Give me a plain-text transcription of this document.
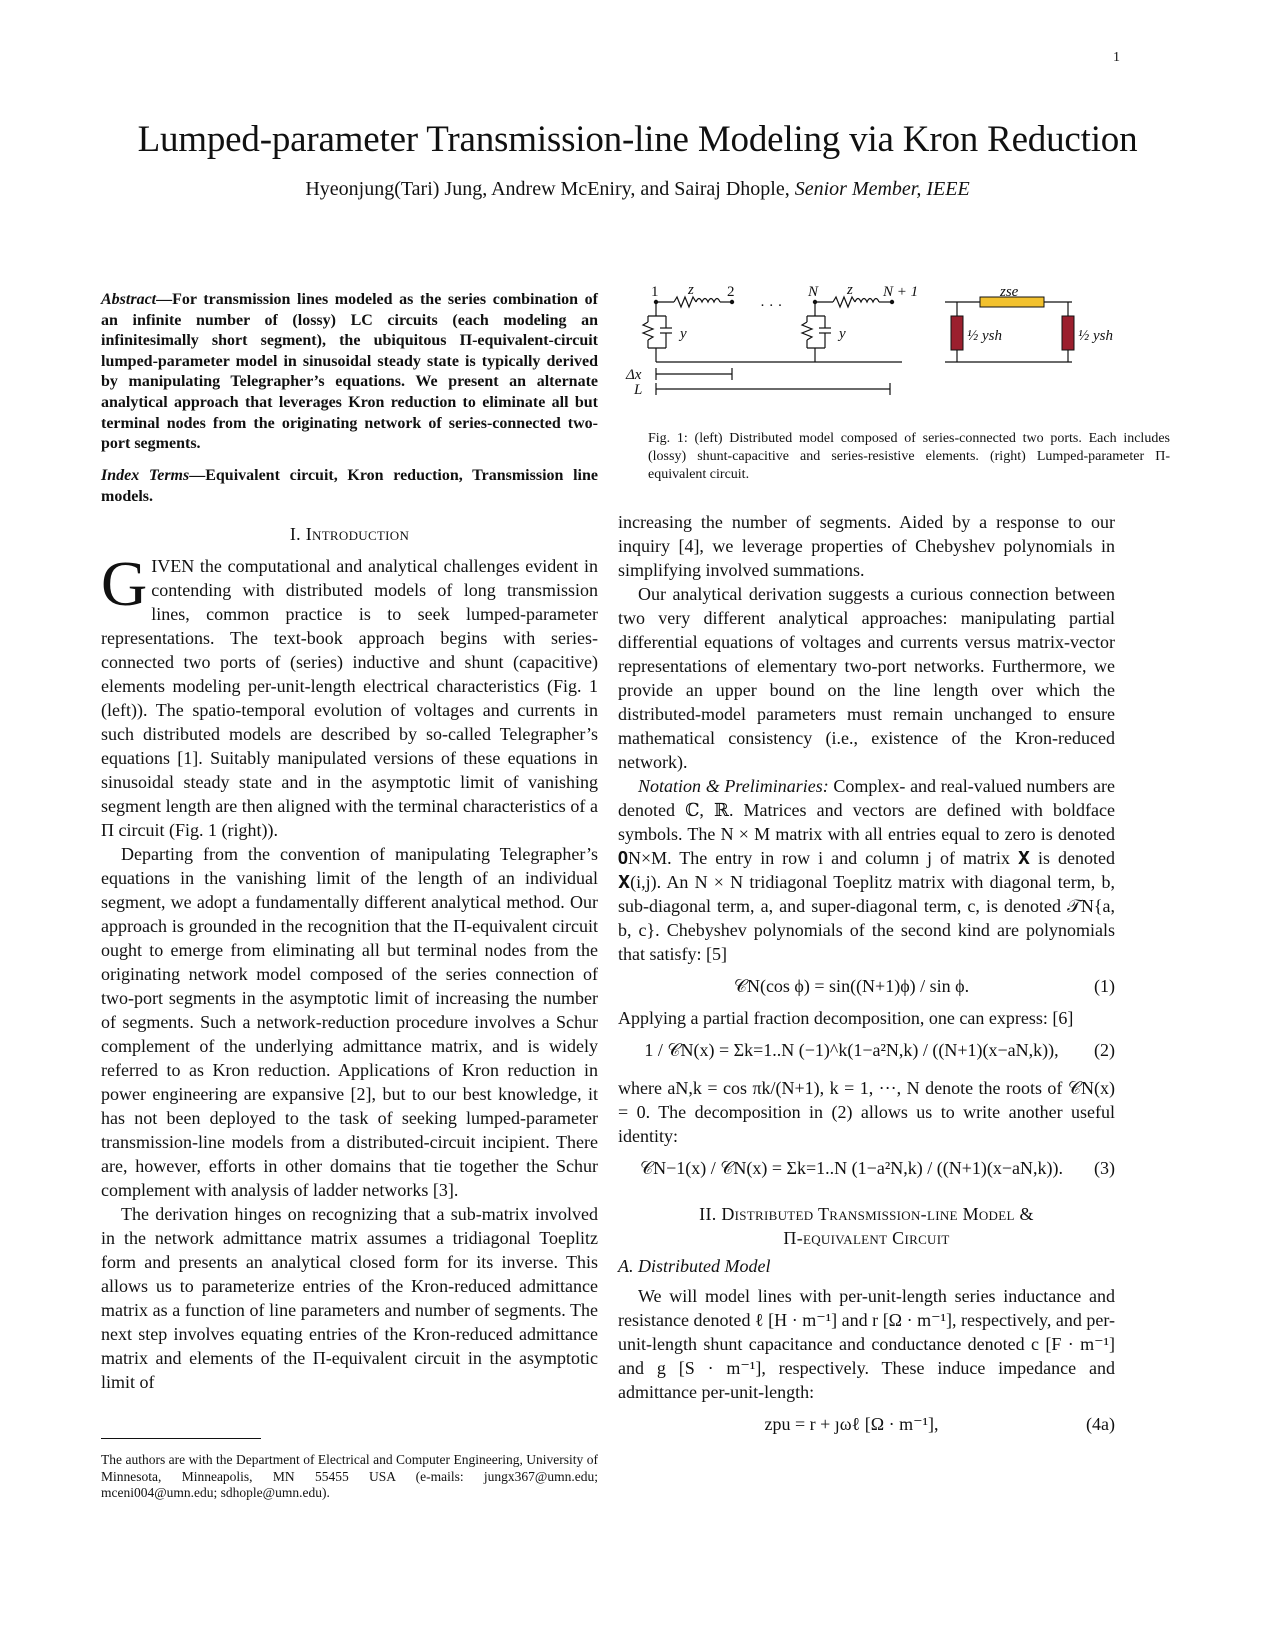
1
Lumped-parameter Transmission-line Modeling via Kron Reduction
Hyeonjung(Tari) Jung, Andrew McEniry, and Sairaj Dhople, Senior Member, IEEE
Abstract—For transmission lines modeled as the series combination of an infinite number of (lossy) LC circuits (each modeling an infinitesimally short segment), the ubiquitous Π-equivalent-circuit lumped-parameter model in sinusoidal steady state is typically derived by manipulating Telegrapher’s equations. We present an alternate analytical approach that leverages Kron reduction to eliminate all but terminal nodes from the originating network of series-connected two-port segments.
Index Terms—Equivalent circuit, Kron reduction, Transmission line models.
1 z 2
· · ·
N z N + 1
y	y
Δx
L
zse
½ ysh	½ ysh
Fig. 1: (left) Distributed model composed of series-connected two ports. Each includes (lossy) shunt-capacitive and series-resistive elements. (right) Lumped-parameter Π-equivalent circuit.
I. Introduction

GIVEN the computational and analytical challenges evident in contending with distributed models of long transmission lines, common practice is to seek lumped-parameter representations. The text-book approach begins with series-connected two ports of (series) inductive and shunt (capacitive) elements modeling per-unit-length electrical characteristics (Fig. 1 (left)). The spatio-temporal evolution of voltages and currents in such distributed models are described by so-called Telegrapher’s equations [1]. Suitably manipulated versions of these equations in sinusoidal steady state and in the asymptotic limit of vanishing segment length are then aligned with the terminal characteristics of a Π circuit (Fig. 1 (right)).

Departing from the convention of manipulating Telegrapher’s equations in the vanishing limit of the length of an individual segment, we adopt a fundamentally different analytical method. Our approach is grounded in the recognition that the Π-equivalent circuit ought to emerge from eliminating all but terminal nodes from the originating network model composed of the series connection of two-port segments in the asymptotic limit of increasing the number of segments. Such a network-reduction procedure involves a Schur complement of the underlying admittance matrix, and is widely referred to as Kron reduction. Applications of Kron reduction in power engineering are expansive [2], but to our best knowledge, it has not been deployed to the task of seeking lumped-parameter transmission-line models from a distributed-circuit incipient. There are, however, efforts in other domains that tie together the Schur complement with analysis of ladder networks [3].

The derivation hinges on recognizing that a sub-matrix involved in the network admittance matrix assumes a tridiagonal Toeplitz form and presents an analytical closed form for its inverse. This allows us to parameterize entries of the Kron-reduced admittance matrix as a function of line parameters and number of segments. The next step involves equating entries of the Kron-reduced admittance matrix and elements of the Π-equivalent circuit in the asymptotic limit of

The authors are with the Department of Electrical and Computer Engineering, University of Minnesota, Minneapolis, MN 55455 USA (e-mails: jungx367@umn.edu; mceni004@umn.edu; sdhople@umn.edu).

increasing the number of segments. Aided by a response to our inquiry [4], we leverage properties of Chebyshev polynomials in simplifying involved summations.

Our analytical derivation suggests a curious connection between two very different analytical approaches: manipulating partial differential equations of voltages and currents versus matrix-vector representations of elementary two-port networks. Furthermore, we provide an upper bound on the line length over which the distributed-model parameters must remain unchanged to ensure mathematical consistency (i.e., existence of the Kron-reduced network).

Notation & Preliminaries: Complex- and real-valued numbers are denoted ℂ, ℝ. Matrices and vectors are defined with boldface symbols. The N × M matrix with all entries equal to zero is denoted 𝟎N×M. The entry in row i and column j of matrix 𝐗 is denoted 𝐗(i,j). An N × N tridiagonal Toeplitz matrix with diagonal term, b, sub-diagonal term, a, and super-diagonal term, c, is denoted 𝒯N{a, b, c}. Chebyshev polynomials of the second kind are polynomials that satisfy: [5]

𝒞N(cos ϕ) = sin((N+1)ϕ) / sin ϕ.	(1)

Applying a partial fraction decomposition, one can express: [6]

1 / 𝒞N(x) = Σk=1..N (−1)^k(1−a²N,k) / ((N+1)(x−aN,k)),	(2)

where aN,k = cos πk/(N+1), k = 1, ···, N denote the roots of 𝒞N(x) = 0. The decomposition in (2) allows us to write another useful identity:

𝒞N−1(x) / 𝒞N(x) = Σk=1..N (1−a²N,k) / ((N+1)(x−aN,k)).	(3)
II. Distributed Transmission-line Model &
Π-equivalent Circuit
A. Distributed Model

We will model lines with per-unit-length series inductance and resistance denoted ℓ [H · m⁻¹] and r [Ω · m⁻¹], respectively, and per-unit-length shunt capacitance and conductance denoted c [F · m⁻¹] and g [S · m⁻¹], respectively. These induce impedance and admittance per-unit-length:

zpu = r + ȷωℓ [Ω · m⁻¹],	(4a)
